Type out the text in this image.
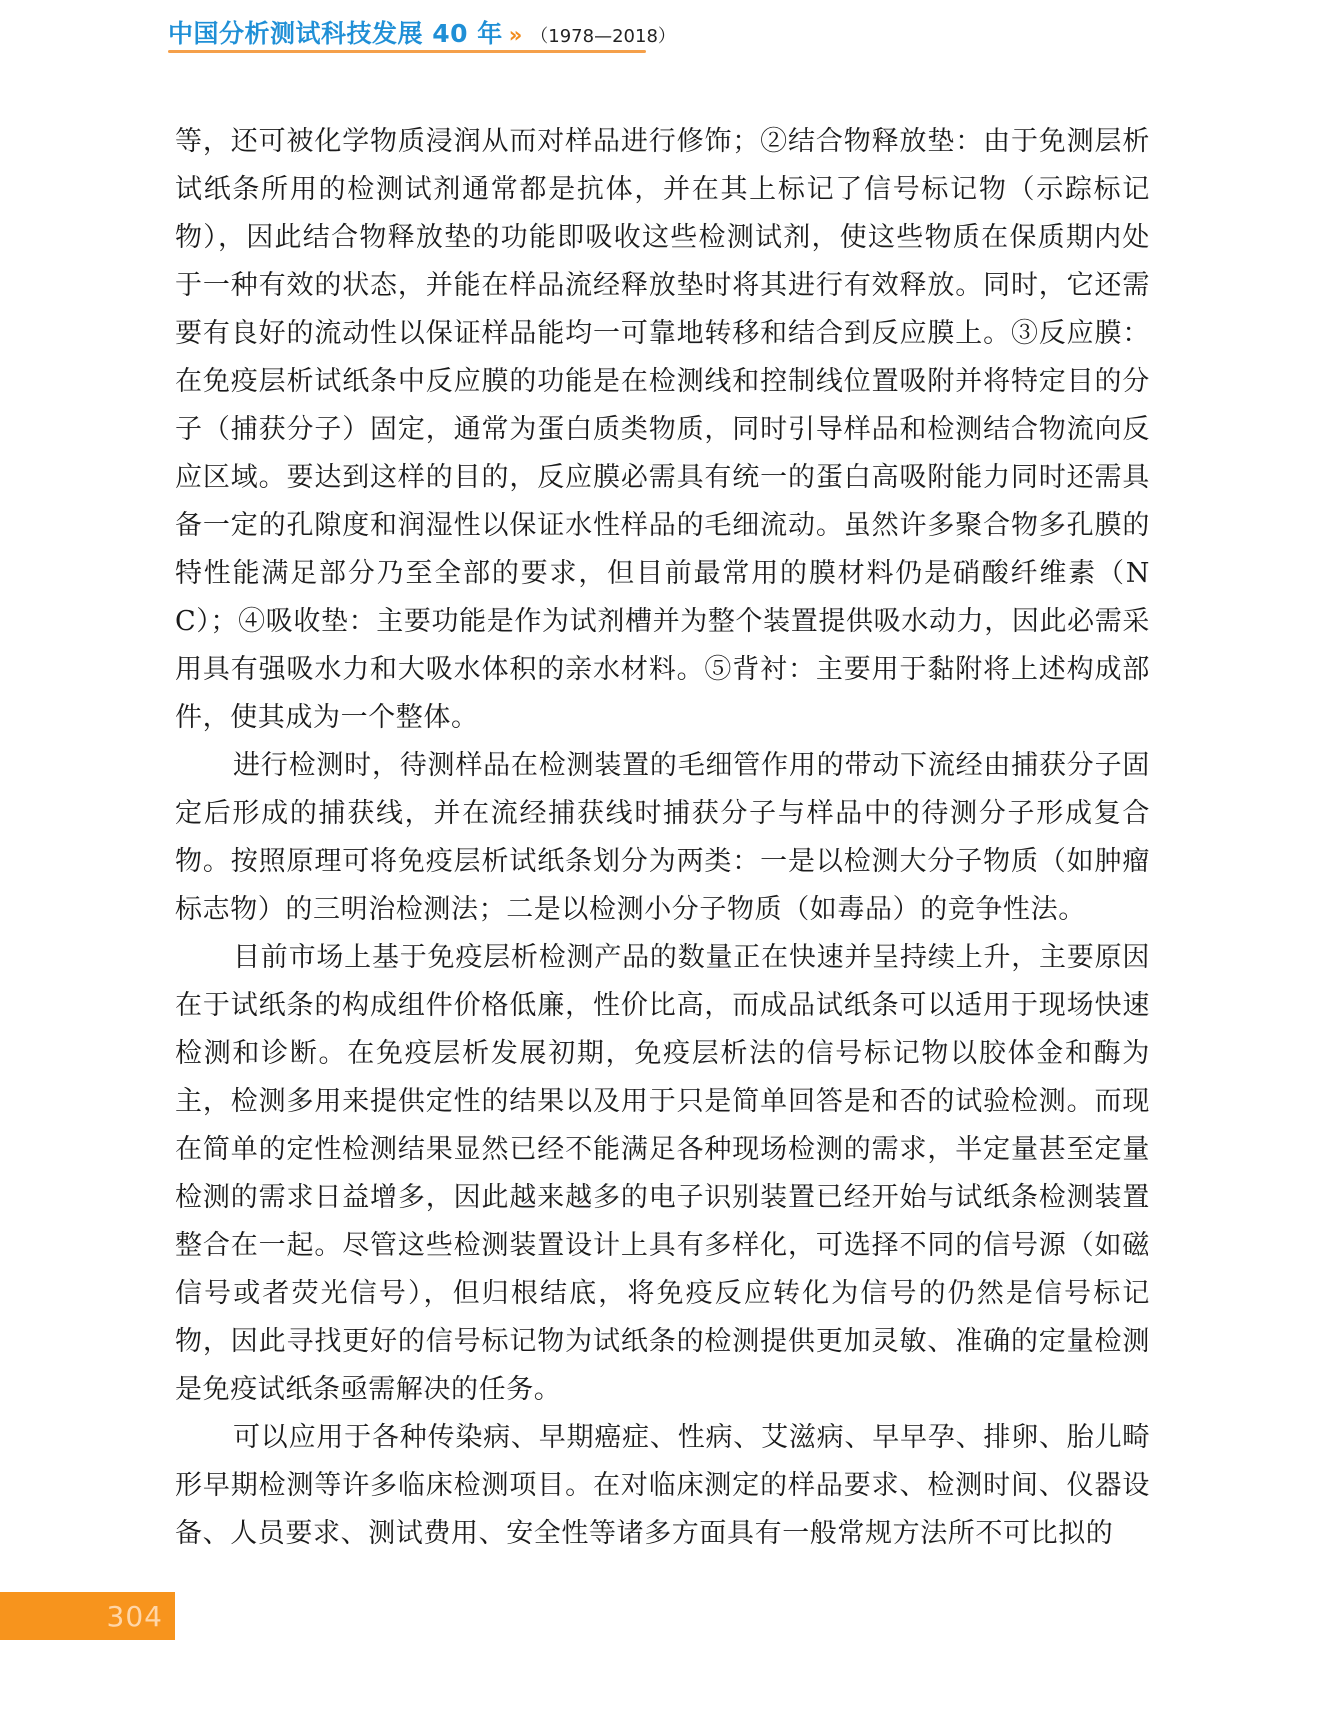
中国分析测试科技发展 40 年 » （1978—2018）

等，还可被化学物质浸润从而对样品进行修饰；②结合物释放垫：由于免测层析试纸条所用的检测试剂通常都是抗体，并在其上标记了信号标记物（示踪标记物），因此结合物释放垫的功能即吸收这些检测试剂，使这些物质在保质期内处于一种有效的状态，并能在样品流经释放垫时将其进行有效释放。同时，它还需要有良好的流动性以保证样品能均一可靠地转移和结合到反应膜上。③反应膜：在免疫层析试纸条中反应膜的功能是在检测线和控制线位置吸附并将特定目的分子（捕获分子）固定，通常为蛋白质类物质，同时引导样品和检测结合物流向反应区域。要达到这样的目的，反应膜必需具有统一的蛋白高吸附能力同时还需具备一定的孔隙度和润湿性以保证水性样品的毛细流动。虽然许多聚合物多孔膜的特性能满足部分乃至全部的要求，但目前最常用的膜材料仍是硝酸纤维素（NC）；④吸收垫：主要功能是作为试剂槽并为整个装置提供吸水动力，因此必需采用具有强吸水力和大吸水体积的亲水材料。⑤背衬：主要用于黏附将上述构成部件，使其成为一个整体。

进行检测时，待测样品在检测装置的毛细管作用的带动下流经由捕获分子固定后形成的捕获线，并在流经捕获线时捕获分子与样品中的待测分子形成复合物。按照原理可将免疫层析试纸条划分为两类：一是以检测大分子物质（如肿瘤标志物）的三明治检测法；二是以检测小分子物质（如毒品）的竞争性法。

目前市场上基于免疫层析检测产品的数量正在快速并呈持续上升，主要原因在于试纸条的构成组件价格低廉，性价比高，而成品试纸条可以适用于现场快速检测和诊断。在免疫层析发展初期，免疫层析法的信号标记物以胶体金和酶为主，检测多用来提供定性的结果以及用于只是简单回答是和否的试验检测。而现在简单的定性检测结果显然已经不能满足各种现场检测的需求，半定量甚至定量检测的需求日益增多，因此越来越多的电子识别装置已经开始与试纸条检测装置整合在一起。尽管这些检测装置设计上具有多样化，可选择不同的信号源（如磁信号或者荧光信号），但归根结底，将免疫反应转化为信号的仍然是信号标记物，因此寻找更好的信号标记物为试纸条的检测提供更加灵敏、准确的定量检测是免疫试纸条亟需解决的任务。

可以应用于各种传染病、早期癌症、性病、艾滋病、早早孕、排卵、胎儿畸形早期检测等许多临床检测项目。在对临床测定的样品要求、检测时间、仪器设备、人员要求、测试费用、安全性等诸多方面具有一般常规方法所不可比拟的

304
